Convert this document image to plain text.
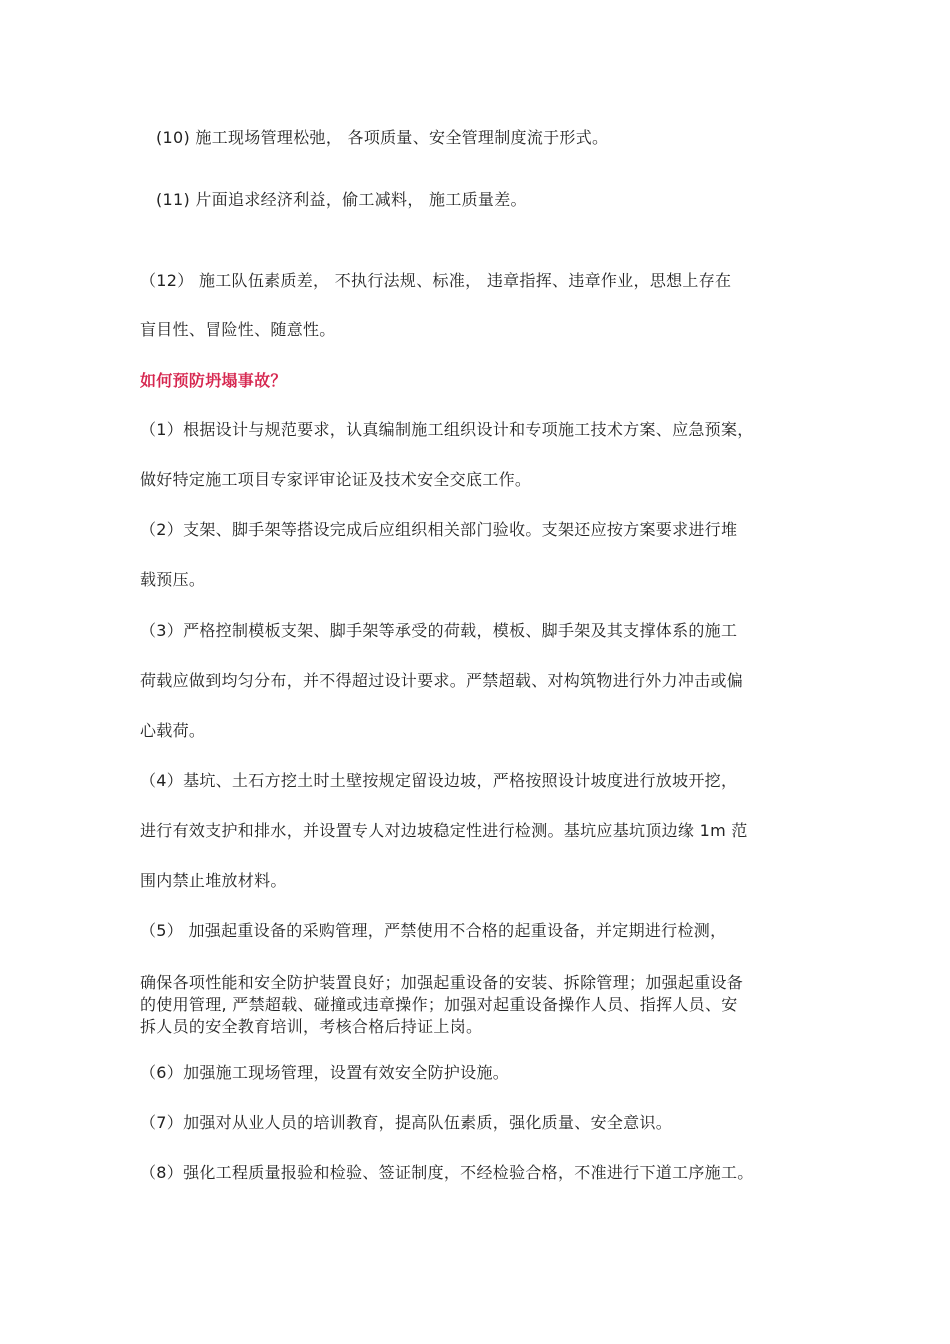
(10) 施工现场管理松弛， 各项质量、安全管理制度流于形式。
(11) 片面追求经济利益，偷工减料， 施工质量差。
（12） 施工队伍素质差， 不执行法规、标准， 违章指挥、违章作业，思想上存在
盲目性、冒险性、随意性。
如何预防坍塌事故？
（1）根据设计与规范要求，认真编制施工组织设计和专项施工技术方案、应急预案，
做好特定施工项目专家评审论证及技术安全交底工作。
（2）支架、脚手架等搭设完成后应组织相关部门验收。支架还应按方案要求进行堆
载预压。
（3）严格控制模板支架、脚手架等承受的荷载，模板、脚手架及其支撑体系的施工
荷载应做到均匀分布，并不得超过设计要求。严禁超载、对构筑物进行外力冲击或偏
心载荷。
（4）基坑、土石方挖土时土壁按规定留设边坡，严格按照设计坡度进行放坡开挖，
进行有效支护和排水，并设置专人对边坡稳定性进行检测。基坑应基坑顶边缘 1m 范
围内禁止堆放材料。
（5） 加强起重设备的采购管理，严禁使用不合格的起重设备，并定期进行检测，
确保各项性能和安全防护装置良好；加强起重设备的安装、拆除管理；加强起重设备
的使用管理, 严禁超载、碰撞或违章操作；加强对起重设备操作人员、指挥人员、安
拆人员的安全教育培训，考核合格后持证上岗。
（6）加强施工现场管理，设置有效安全防护设施。
（7）加强对从业人员的培训教育，提高队伍素质，强化质量、安全意识。
（8）强化工程质量报验和检验、签证制度，不经检验合格，不准进行下道工序施工。
